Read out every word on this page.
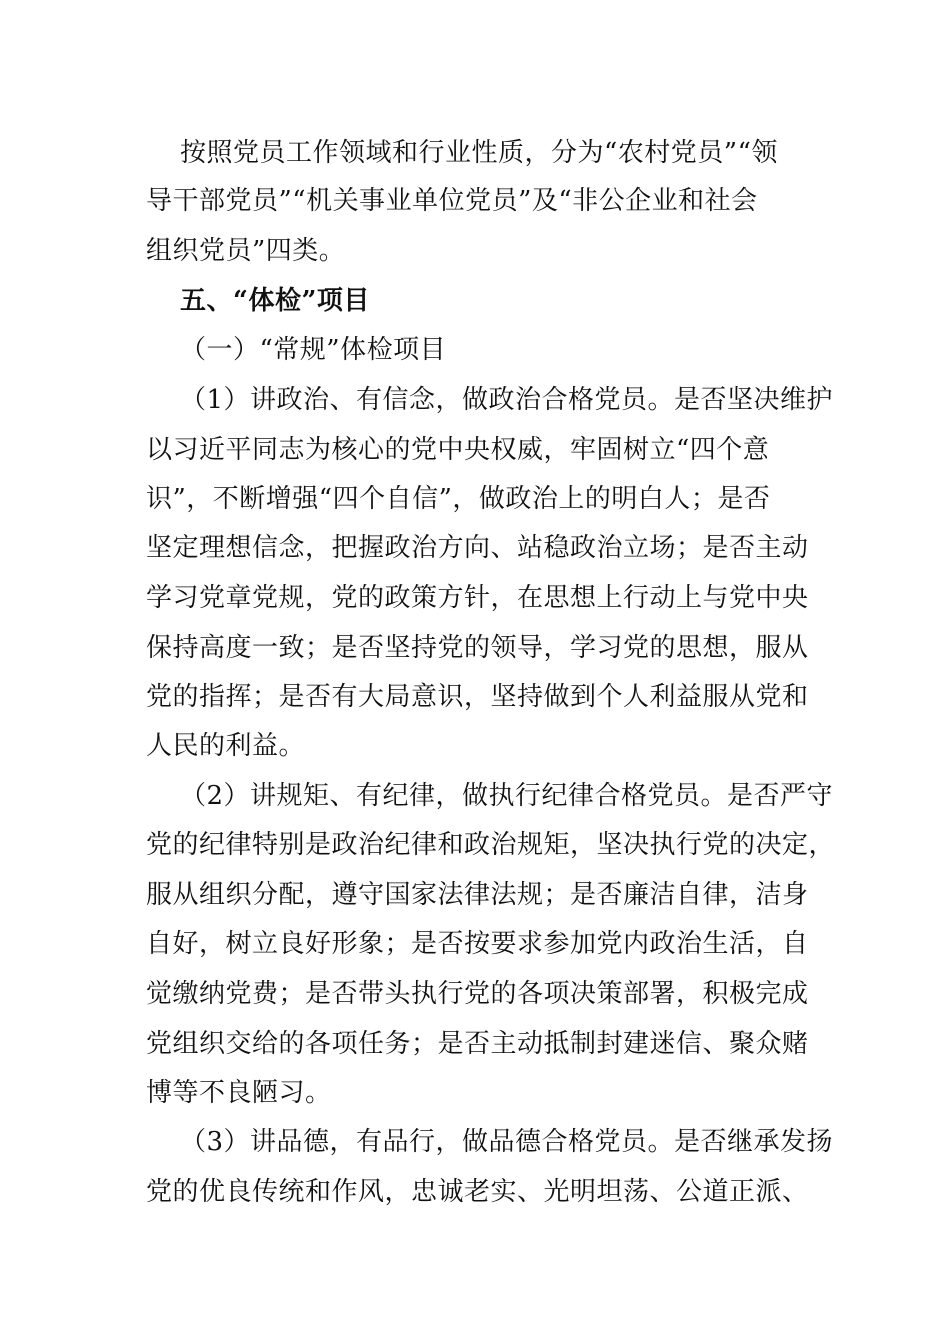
按照党员工作领域和行业性质，分为“农村党员”“领
导干部党员”“机关事业单位党员”及“非公企业和社会
组织党员”四类。
五、“体检”项目
（一）“常规”体检项目
（1）讲政治、有信念，做政治合格党员。是否坚决维护
以习近平同志为核心的党中央权威，牢固树立“四个意
识”，不断增强“四个自信”，做政治上的明白人；是否
坚定理想信念，把握政治方向、站稳政治立场；是否主动
学习党章党规，党的政策方针，在思想上行动上与党中央
保持高度一致；是否坚持党的领导，学习党的思想，服从
党的指挥；是否有大局意识，坚持做到个人利益服从党和
人民的利益。
（2）讲规矩、有纪律，做执行纪律合格党员。是否严守
党的纪律特别是政治纪律和政治规矩，坚决执行党的决定，
服从组织分配，遵守国家法律法规；是否廉洁自律，洁身
自好，树立良好形象；是否按要求参加党内政治生活，自
觉缴纳党费；是否带头执行党的各项决策部署，积极完成
党组织交给的各项任务；是否主动抵制封建迷信、聚众赌
博等不良陋习。
（3）讲品德，有品行，做品德合格党员。是否继承发扬
党的优良传统和作风，忠诚老实、光明坦荡、公道正派、
